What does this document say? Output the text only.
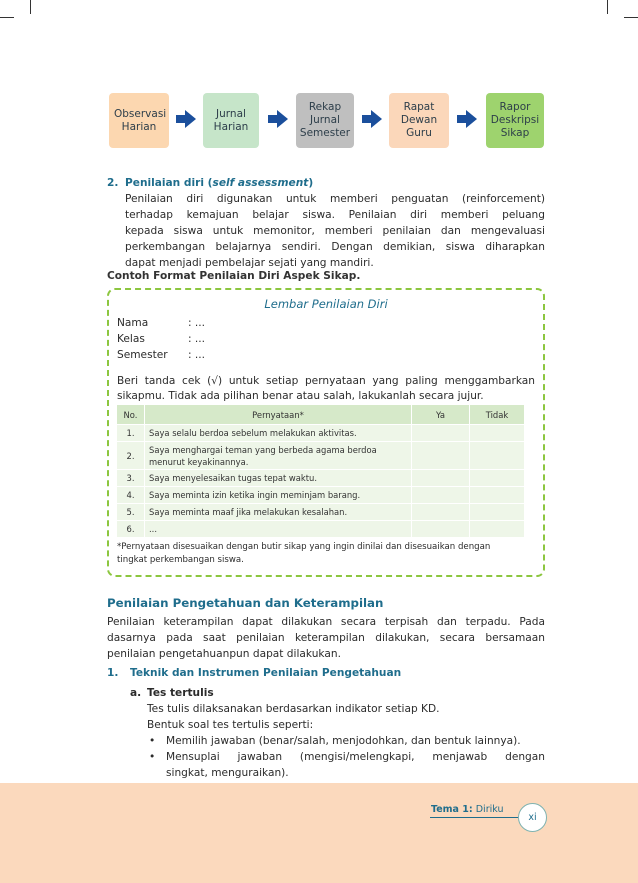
Observasi Harian
Jurnal Harian
Rekap Jurnal Semester
Rapat Dewan Guru
Rapor Deskripsi Sikap
2. Penilaian diri (self assessment)
Penilaian diri digunakan untuk memberi penguatan (reinforcement)
terhadap kemajuan belajar siswa. Penilaian diri memberi peluang
kepada siswa untuk memonitor, memberi penilaian dan mengevaluasi
perkembangan belajarnya sendiri. Dengan demikian, siswa diharapkan
dapat menjadi pembelajar sejati yang mandiri.
Contoh Format Penilaian Diri Aspek Sikap.
Lembar Penilaian Diri
Nama	: ...
Kelas	: ...
Semester : ...
Beri tanda cek (√) untuk setiap pernyataan yang paling menggambarkan
sikapmu. Tidak ada pilihan benar atau salah, lakukanlah secara jujur.
No.	Pernyataan*	Ya	Tidak
1.	Saya selalu berdoa sebelum melakukan aktivitas.		
2.	Saya menghargai teman yang berbeda agama berdoa menurut keyakinannya.		
3.	Saya menyelesaikan tugas tepat waktu.		
4.	Saya meminta izin ketika ingin meminjam barang.		
5.	Saya meminta maaf jika melakukan kesalahan.		
6.	...		
*Pernyataan disesuaikan dengan butir sikap yang ingin dinilai dan disesuaikan dengan
tingkat perkembangan siswa.
Penilaian Pengetahuan dan Keterampilan
Penilaian keterampilan dapat dilakukan secara terpisah dan terpadu. Pada
dasarnya pada saat penilaian keterampilan dilakukan, secara bersamaan
penilaian pengetahuanpun dapat dilakukan.
1. Teknik dan Instrumen Penilaian Pengetahuan
a. Tes tertulis
Tes tulis dilaksanakan berdasarkan indikator setiap KD.
Bentuk soal tes tertulis seperti:
• Memilih jawaban (benar/salah, menjodohkan, dan bentuk lainnya).
• Mensuplai jawaban (mengisi/melengkapi, menjawab dengan
singkat, menguraikan).
Tema 1: Diriku
xi
